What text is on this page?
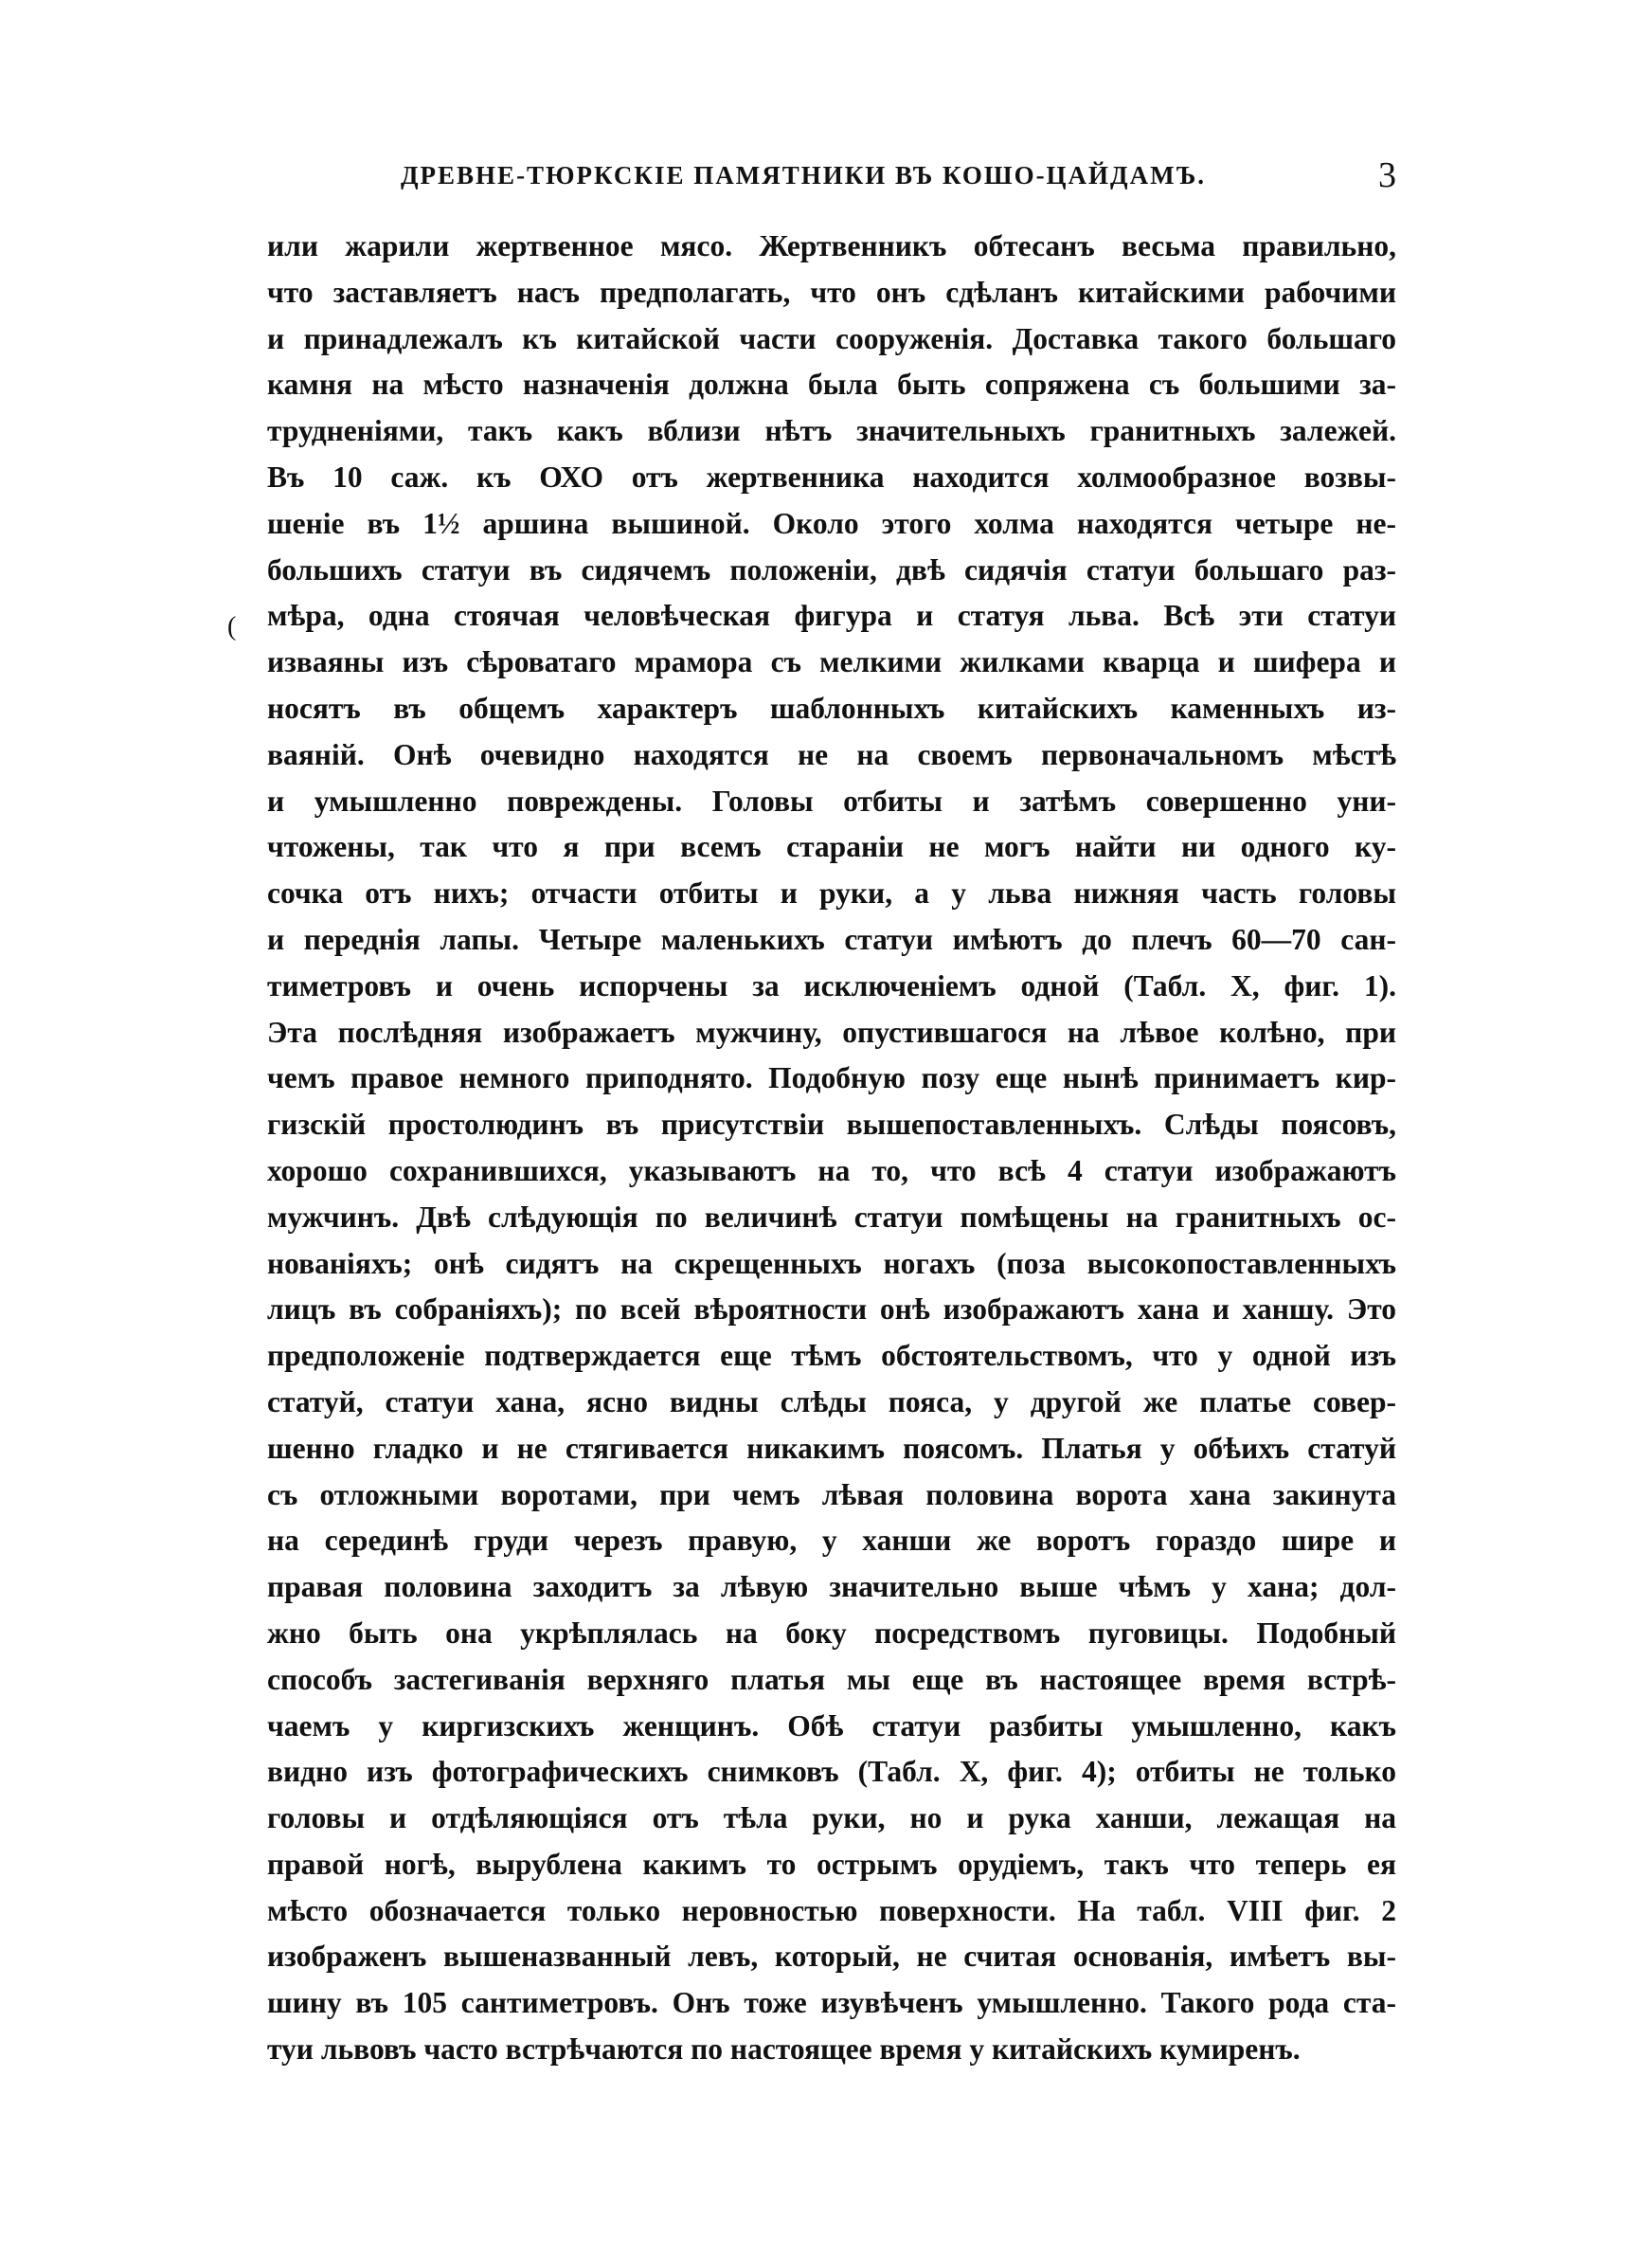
ДРЕВНЕ-ТЮРКСКІЕ ПАМЯТНИКИ ВЪ КОШО-ЦАЙДАМЪ.	3
(
или жарили жертвенное мясо. Жертвенникъ обтесанъ весьма правильно,
что заставляетъ насъ предполагать, что онъ сдѣланъ китайскими рабочими
и принадлежалъ къ китайской части сооруженія. Доставка такого большаго
камня на мѣсто назначенія должна была быть сопряжена съ большими за-
трудненіями, такъ какъ вблизи нѣтъ значительныхъ гранитныхъ залежей.
Въ 10 саж. къ ОХО отъ жертвенника находится холмообразное возвы-
шеніе въ 1½ аршина вышиной. Около этого холма находятся четыре не-
большихъ статуи въ сидячемъ положеніи, двѣ сидячія статуи большаго раз-
мѣра, одна стоячая человѣческая фигура и статуя льва. Всѣ эти статуи
изваяны изъ сѣроватаго мрамора съ мелкими жилками кварца и шифера и
носятъ въ общемъ характеръ шаблонныхъ китайскихъ каменныхъ из-
ваяній. Онѣ очевидно находятся не на своемъ первоначальномъ мѣстѣ
и умышленно повреждены. Головы отбиты и затѣмъ совершенно уни-
чтожены, так что я при всемъ стараніи не могъ найти ни одного ку-
сочка отъ нихъ; отчасти отбиты и руки, а у льва нижняя часть головы
и переднія лапы. Четыре маленькихъ статуи имѣютъ до плечъ 60—70 сан-
тиметровъ и очень испорчены за исключеніемъ одной (Табл. X, фиг. 1).
Эта послѣдняя изображаетъ мужчину, опустившагося на лѣвое колѣно, при
чемъ правое немного приподнято. Подобную позу еще нынѣ принимаетъ кир-
гизскій простолюдинъ въ присутствіи вышепоставленныхъ. Слѣды поясовъ,
хорошо сохранившихся, указываютъ на то, что всѣ 4 статуи изображаютъ
мужчинъ. Двѣ слѣдующія по величинѣ статуи помѣщены на гранитныхъ ос-
нованіяхъ; онѣ сидятъ на скрещенныхъ ногахъ (поза высокопоставленныхъ
лицъ въ собраніяхъ); по всей вѣроятности онѣ изображаютъ хана и ханшу. Это
предположеніе подтверждается еще тѣмъ обстоятельствомъ, что у одной изъ
статуй, статуи хана, ясно видны слѣды пояса, у другой же платье совер-
шенно гладко и не стягивается никакимъ поясомъ. Платья у обѣихъ статуй
съ отложными воротами, при чемъ лѣвая половина ворота хана закинута
на серединѣ груди черезъ правую, у ханши же воротъ гораздо шире и
правая половина заходитъ за лѣвую значительно выше чѣмъ у хана; дол-
жно быть она укрѣплялась на боку посредствомъ пуговицы. Подобный
способъ застегиванія верхняго платья мы еще въ настоящее время встрѣ-
чаемъ у киргизскихъ женщинъ. Обѣ статуи разбиты умышленно, какъ
видно изъ фотографическихъ снимковъ (Табл. X, фиг. 4); отбиты не только
головы и отдѣляющіяся отъ тѣла руки, но и рука ханши, лежащая на
правой ногѣ, вырублена какимъ то острымъ орудіемъ, такъ что теперь ея
мѣсто обозначается только неровностью поверхности. На табл. VIII фиг. 2
изображенъ вышеназванный левъ, который, не считая основанія, имѣетъ вы-
шину въ 105 сантиметровъ. Онъ тоже изувѣченъ умышленно. Такого рода ста-
туи львовъ часто встрѣчаются по настоящее время у китайскихъ кумиренъ.
